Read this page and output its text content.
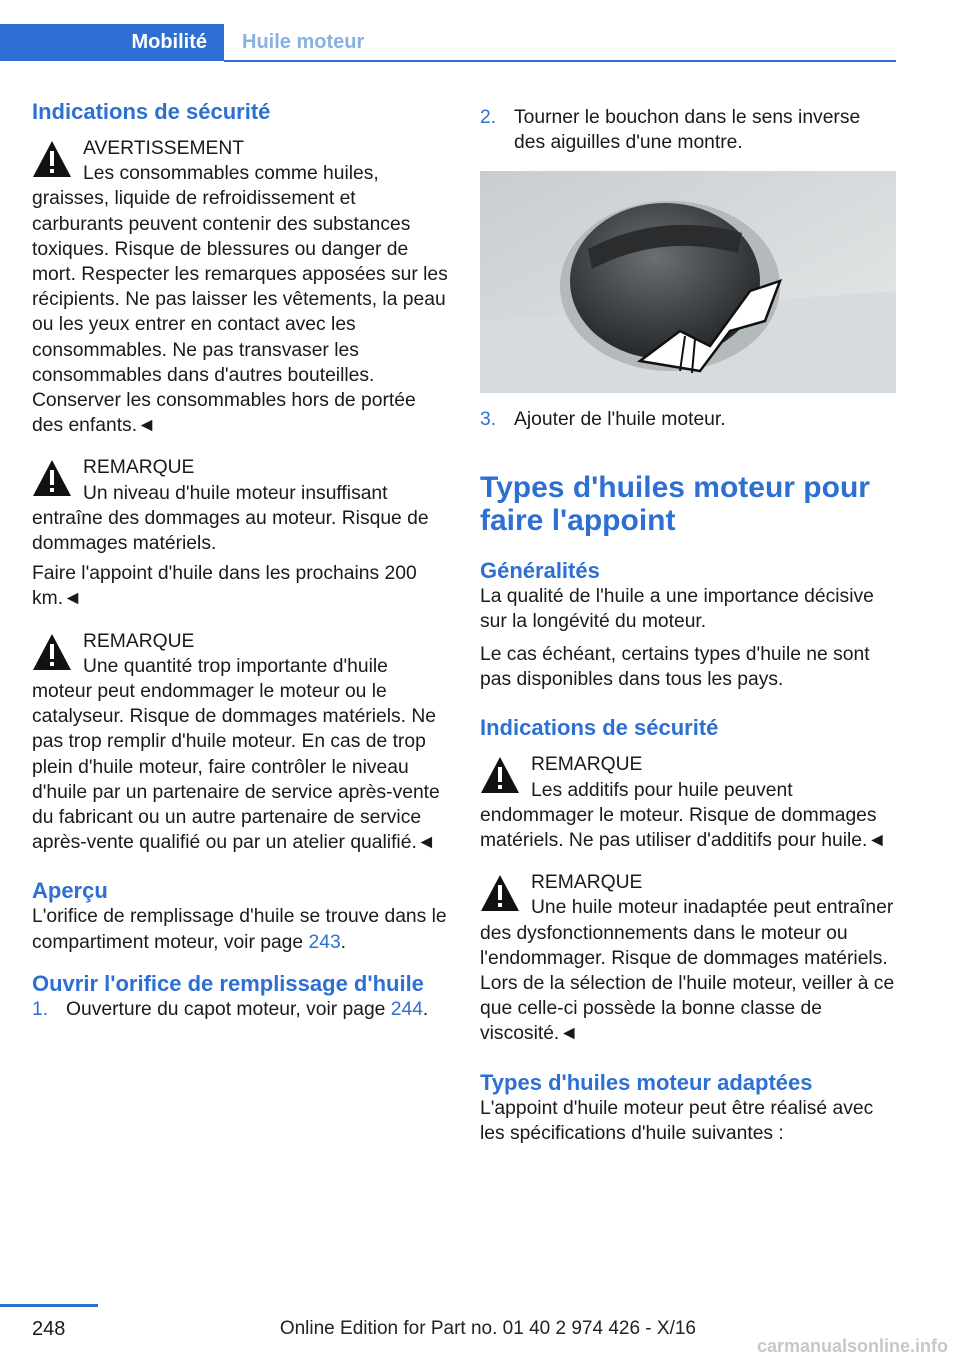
Mobilité	Huile moteur
Indications de sécurité

AVERTISSEMENT

Les consommables comme huiles, graisses, liquide de refroidissement et carburants peuvent contenir des substances toxiques. Risque de blessures ou danger de mort. Respecter les remarques apposées sur les récipients. Ne pas laisser les vêtements, la peau ou les yeux entrer en contact avec les consommables. Ne pas transvaser les consommables dans d'autres bouteilles. Conserver les consommables hors de portée des enfants.◄

REMARQUE

Un niveau d'huile moteur insuffisant entraîne des dommages au moteur. Risque de dommages matériels.

Faire l'appoint d'huile dans les prochains 200 km.◄

REMARQUE

Une quantité trop importante d'huile moteur peut endommager le moteur ou le catalyseur. Risque de dommages matériels. Ne pas trop remplir d'huile moteur. En cas de trop plein d'huile moteur, faire contrôler le niveau d'huile par un partenaire de service après-vente du fabricant ou un autre partenaire de service après-vente qualifié ou par un atelier qualifié.◄

Aperçu

L'orifice de remplissage d'huile se trouve dans le compartiment moteur, voir page 243.

Ouvrir l'orifice de remplissage d'huile
1. Ouverture du capot moteur, voir page 244.
2. Tourner le bouchon dans le sens inverse des aiguilles d'une montre.
3. Ajouter de l'huile moteur.
Types d'huiles moteur pour faire l'appoint
Généralités

La qualité de l'huile a une importance décisive sur la longévité du moteur.

Le cas échéant, certains types d'huile ne sont pas disponibles dans tous les pays.

Indications de sécurité

REMARQUE

Les additifs pour huile peuvent endommager le moteur. Risque de dommages matériels. Ne pas utiliser d'additifs pour huile.◄

REMARQUE

Une huile moteur inadaptée peut entraîner des dysfonctionnements dans le moteur ou l'endommager. Risque de dommages matériels. Lors de la sélection de l'huile moteur, veiller à ce que celle-ci possède la bonne classe de viscosité.◄

Types d'huiles moteur adaptées

L'appoint d'huile moteur peut être réalisé avec les spécifications d'huile suivantes :

248	Online Edition for Part no. 01 40 2 974 426 - X/16
carmanualsonline.info
